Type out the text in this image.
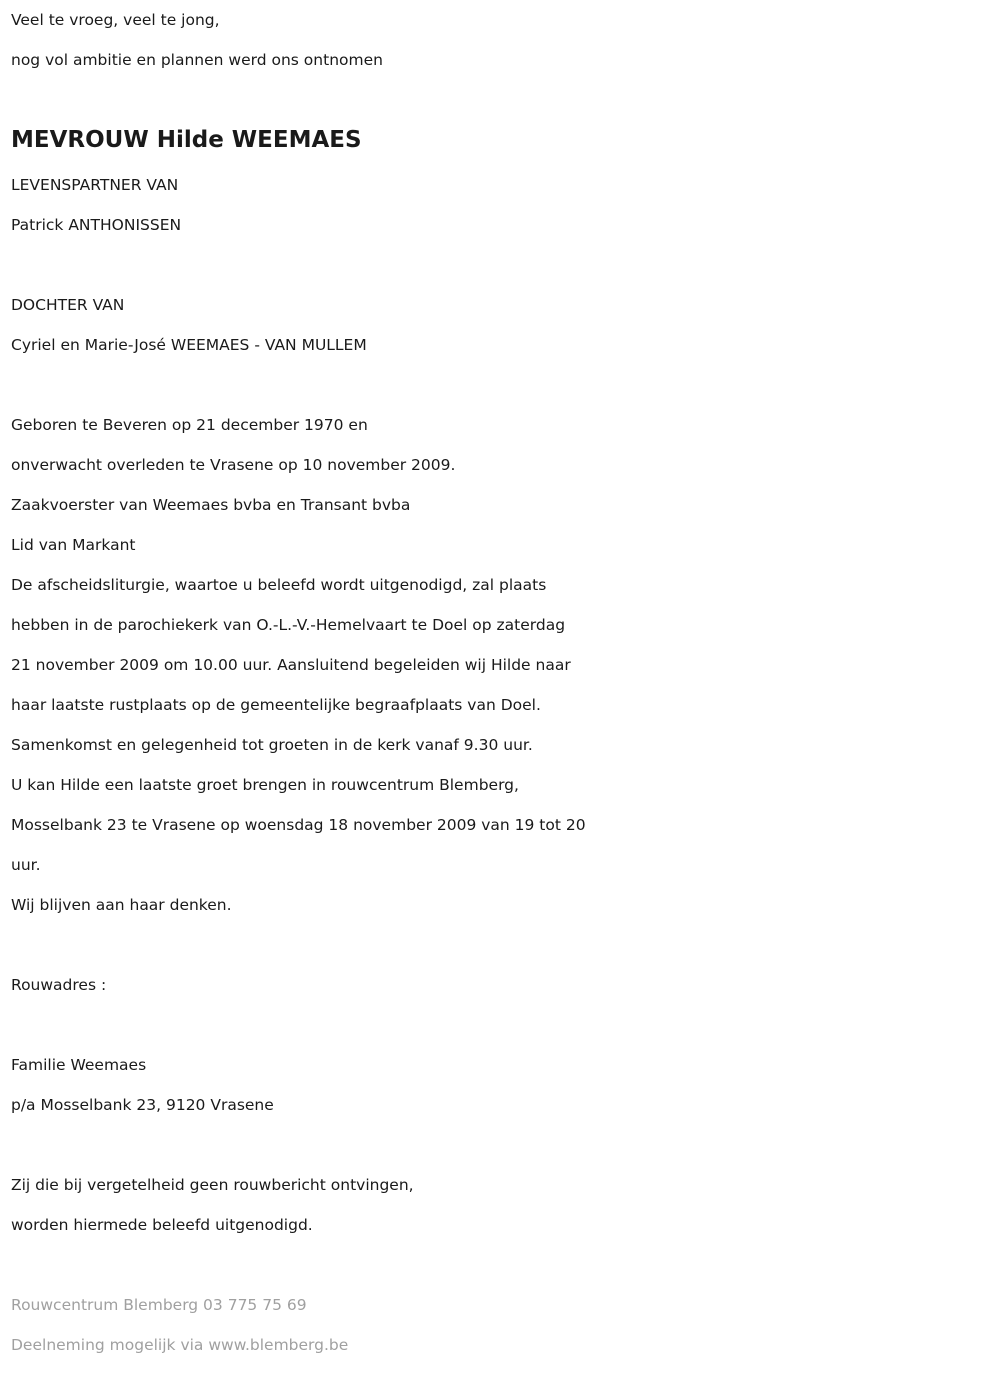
Veel te vroeg, veel te jong,
nog vol ambitie en plannen werd ons ontnomen
MEVROUW Hilde WEEMAES
LEVENSPARTNER VAN
Patrick ANTHONISSEN
DOCHTER VAN
Cyriel en Marie-José WEEMAES - VAN MULLEM
Geboren te Beveren op 21 december 1970 en
onverwacht overleden te Vrasene op 10 november 2009.
Zaakvoerster van Weemaes bvba en Transant bvba
Lid van Markant
De afscheidsliturgie, waartoe u beleefd wordt uitgenodigd, zal plaats
hebben in de parochiekerk van O.-L.-V.-Hemelvaart te Doel op zaterdag
21 november 2009 om 10.00 uur. Aansluitend begeleiden wij Hilde naar
haar laatste rustplaats op de gemeentelijke begraafplaats van Doel.
Samenkomst en gelegenheid tot groeten in de kerk vanaf 9.30 uur.
U kan Hilde een laatste groet brengen in rouwcentrum Blemberg,
Mosselbank 23 te Vrasene op woensdag 18 november 2009 van 19 tot 20
uur.
Wij blijven aan haar denken.
Rouwadres :
Familie Weemaes
p/a Mosselbank 23, 9120 Vrasene
Zij die bij vergetelheid geen rouwbericht ontvingen,
worden hiermede beleefd uitgenodigd.
Rouwcentrum Blemberg 03 775 75 69
Deelneming mogelijk via www.blemberg.be
